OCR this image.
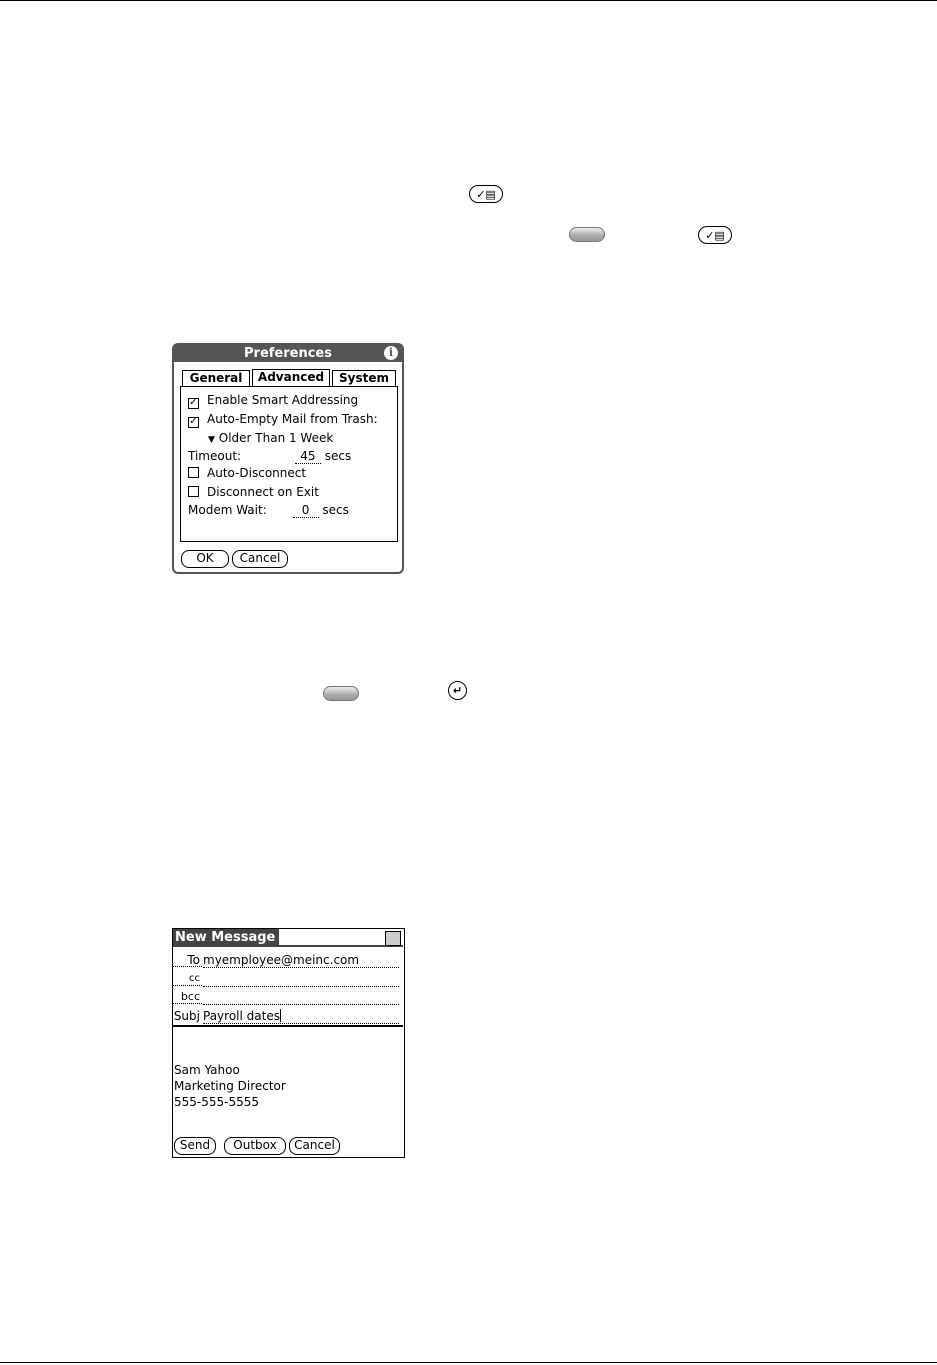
✓▤
✓▤
↵
Preferences	i
General	Advanced	System
✓ Enable Smart Addressing
✓ Auto-Empty Mail from Trash:
▼ Older Than 1 Week
Timeout:	45 secs
Auto-Disconnect
Disconnect on Exit
Modem Wait:	0 secs
OK	Cancel
New Message
To myemployee@meinc.com
cc
bcc
Subj Payroll dates
Sam Yahoo
Marketing Director
555-555-5555
Send	Outbox	Cancel
